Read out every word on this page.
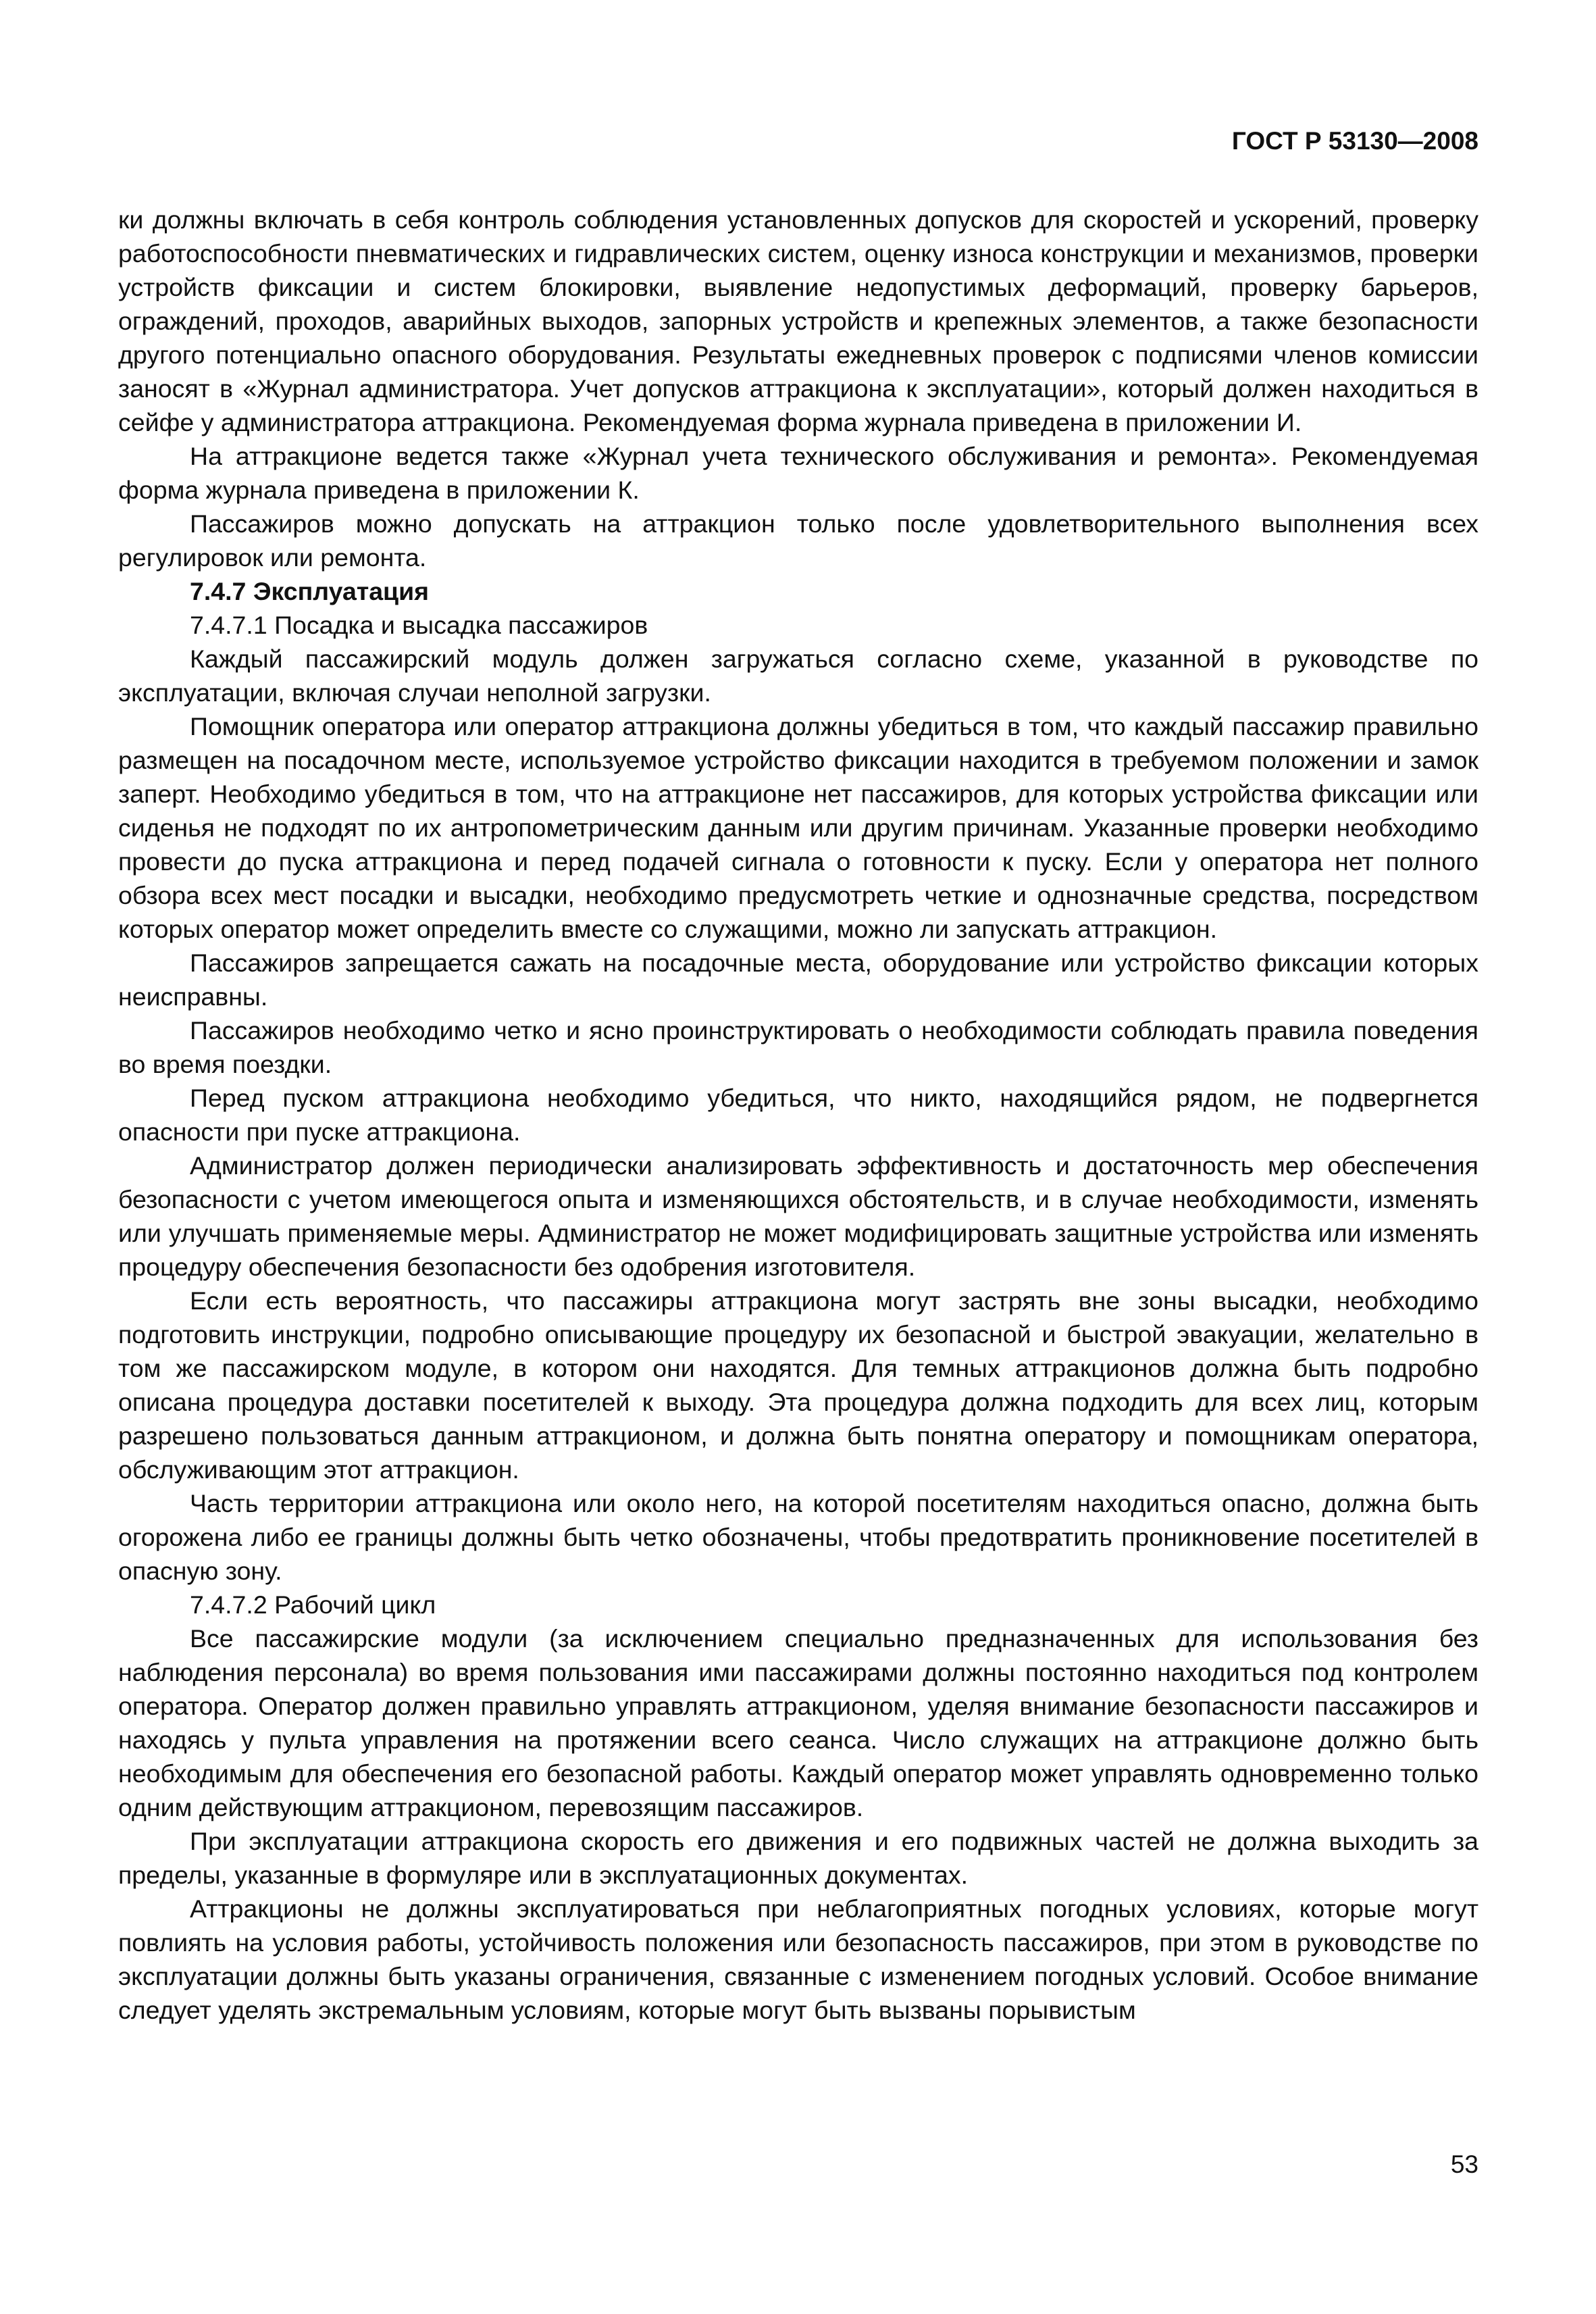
ГОСТ Р 53130—2008

ки должны включать в себя контроль соблюдения установленных допусков для скоростей и ускорений, проверку работоспособности пневматических и гидравлических систем, оценку износа конструкции и механизмов, проверки устройств фиксации и систем блокировки, выявление недопустимых деформаций, проверку барьеров, ограждений, проходов, аварийных выходов, запорных устройств и крепежных элементов, а также безопасности другого потенциально опасного оборудования. Результаты ежедневных проверок с подписями членов комиссии заносят в «Журнал администратора. Учет допусков аттракциона к эксплуатации», который должен находиться в сейфе у администратора аттракциона. Рекомендуемая форма журнала приведена в приложении И.

На аттракционе ведется также «Журнал учета технического обслуживания и ремонта». Рекомендуемая форма журнала приведена в приложении К.

Пассажиров можно допускать на аттракцион только после удовлетворительного выполнения всех регулировок или ремонта.

7.4.7 Эксплуатация

7.4.7.1 Посадка и высадка пассажиров

Каждый пассажирский модуль должен загружаться согласно схеме, указанной в руководстве по эксплуатации, включая случаи неполной загрузки.

Помощник оператора или оператор аттракциона должны убедиться в том, что каждый пассажир правильно размещен на посадочном месте, используемое устройство фиксации находится в требуемом положении и замок заперт. Необходимо убедиться в том, что на аттракционе нет пассажиров, для которых устройства фиксации или сиденья не подходят по их антропометрическим данным или другим причинам. Указанные проверки необходимо провести до пуска аттракциона и перед подачей сигнала о готовности к пуску. Если у оператора нет полного обзора всех мест посадки и высадки, необходимо предусмотреть четкие и однозначные средства, посредством которых оператор может определить вместе со служащими, можно ли запускать аттракцион.

Пассажиров запрещается сажать на посадочные места, оборудование или устройство фиксации которых неисправны.

Пассажиров необходимо четко и ясно проинструктировать о необходимости соблюдать правила поведения во время поездки.

Перед пуском аттракциона необходимо убедиться, что никто, находящийся рядом, не подвергнется опасности при пуске аттракциона.

Администратор должен периодически анализировать эффективность и достаточность мер обеспечения безопасности с учетом имеющегося опыта и изменяющихся обстоятельств, и в случае необходимости, изменять или улучшать применяемые меры. Администратор не может модифицировать защитные устройства или изменять процедуру обеспечения безопасности без одобрения изготовителя.

Если есть вероятность, что пассажиры аттракциона могут застрять вне зоны высадки, необходимо подготовить инструкции, подробно описывающие процедуру их безопасной и быстрой эвакуации, желательно в том же пассажирском модуле, в котором они находятся. Для темных аттракционов должна быть подробно описана процедура доставки посетителей к выходу. Эта процедура должна подходить для всех лиц, которым разрешено пользоваться данным аттракционом, и должна быть понятна оператору и помощникам оператора, обслуживающим этот аттракцион.

Часть территории аттракциона или около него, на которой посетителям находиться опасно, должна быть огорожена либо ее границы должны быть четко обозначены, чтобы предотвратить проникновение посетителей в опасную зону.

7.4.7.2 Рабочий цикл

Все пассажирские модули (за исключением специально предназначенных для использования без наблюдения персонала) во время пользования ими пассажирами должны постоянно находиться под контролем оператора. Оператор должен правильно управлять аттракционом, уделяя внимание безопасности пассажиров и находясь у пульта управления на протяжении всего сеанса. Число служащих на аттракционе должно быть необходимым для обеспечения его безопасной работы. Каждый оператор может управлять одновременно только одним действующим аттракционом, перевозящим пассажиров.

При эксплуатации аттракциона скорость его движения и его подвижных частей не должна выходить за пределы, указанные в формуляре или в эксплуатационных документах.

Аттракционы не должны эксплуатироваться при неблагоприятных погодных условиях, которые могут повлиять на условия работы, устойчивость положения или безопасность пассажиров, при этом в руководстве по эксплуатации должны быть указаны ограничения, связанные с изменением погодных условий. Особое внимание следует уделять экстремальным условиям, которые могут быть вызваны порывистым

53
